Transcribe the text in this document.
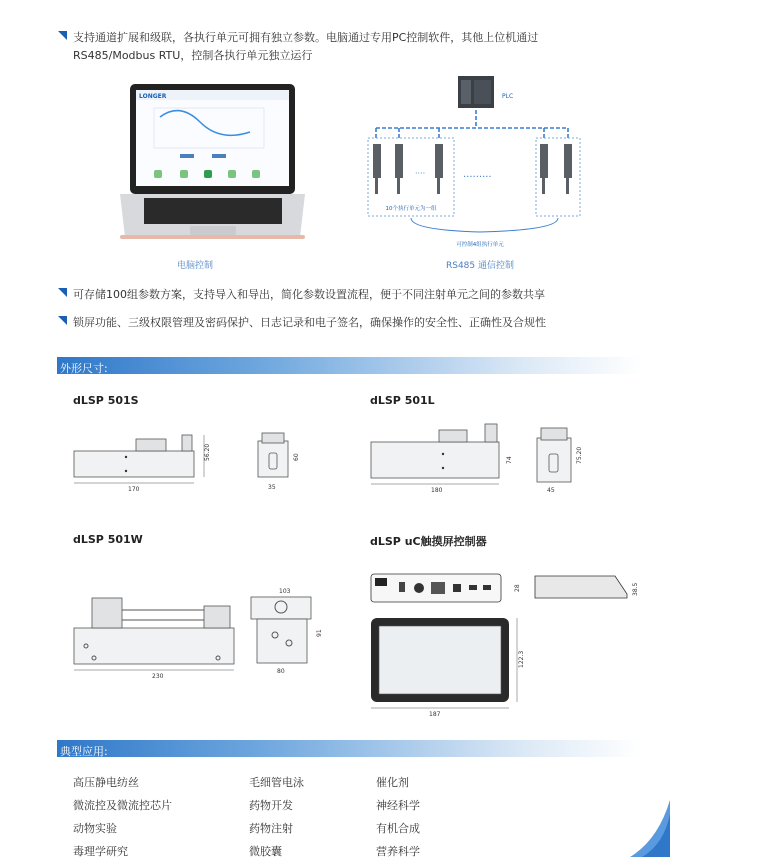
支持通道扩展和级联，各执行单元可拥有独立参数。电脑通过专用PC控制软件，其他上位机通过
RS485/Modbus RTU，控制各执行单元独立运行
LONGER
电脑控制
PLC
····	·········
10个执行单元为一组
可控制4组执行单元
RS485 通信控制
可存储100组参数方案，支持导入和导出，简化参数设置流程，便于不同注射单元之间的参数共享
锁屏功能、三级权限管理及密码保护、日志记录和电子签名，确保操作的安全性、正确性及合规性
外形尺寸:
dLSP 501S
56.20
170
60
35
dLSP 501L
74
180
75.20
45
dLSP 501W
230
103
91
80
dLSP uC触摸屏控制器
28	38.5
122.3
187
典型应用:
高压静电纺丝	毛细管电泳	催化剂
微流控及微流控芯片	药物开发	神经科学
动物实验	药物注射	有机合成
毒理学研究	微胶囊	营养科学
